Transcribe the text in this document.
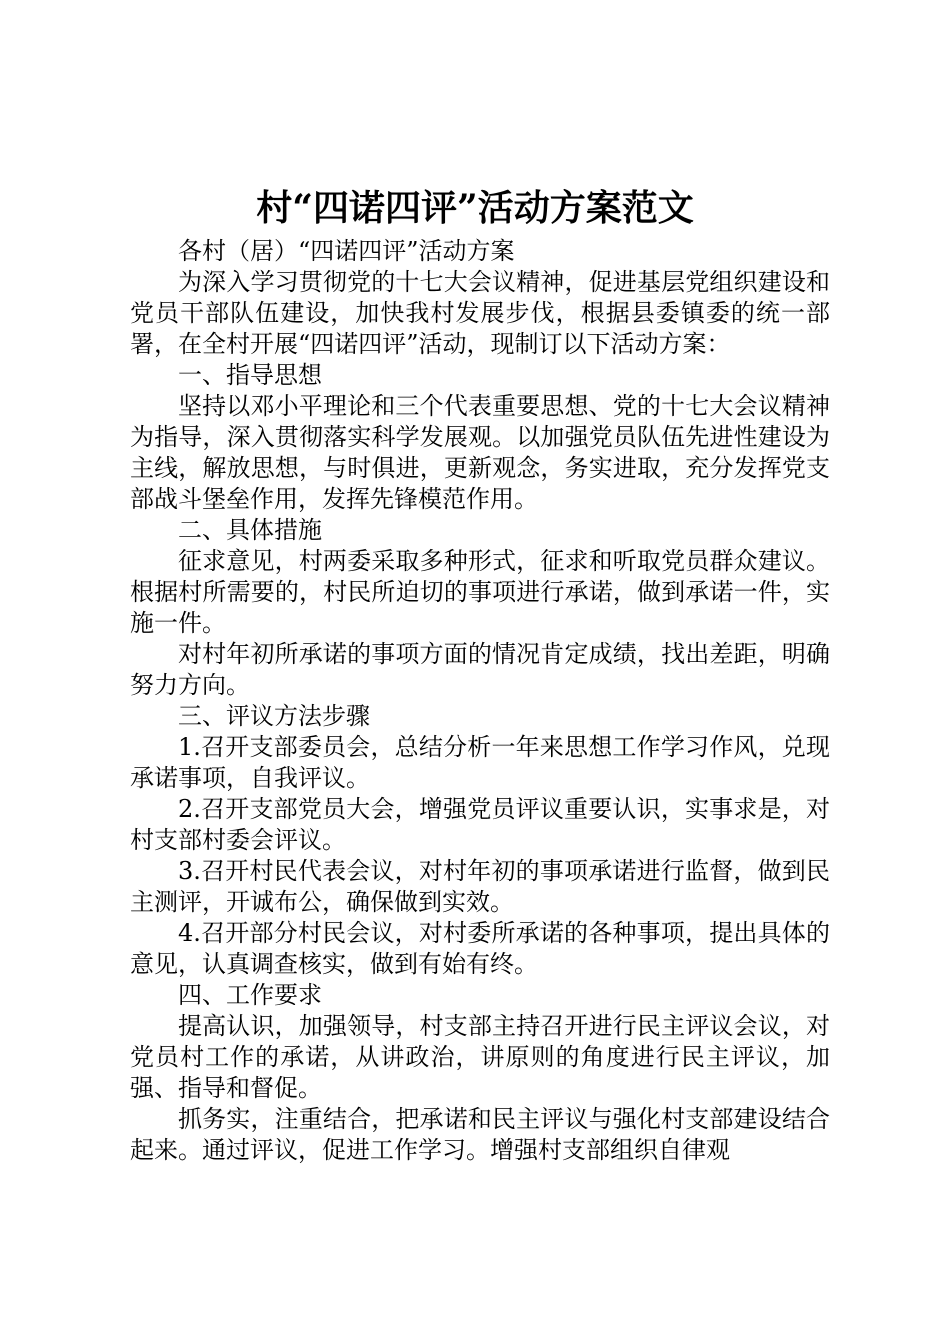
村“四诺四评”活动方案范文

各村（居）“四诺四评”活动方案

为深入学习贯彻党的十七大会议精神，促进基层党组织建设和党员干部队伍建设，加快我村发展步伐，根据县委镇委的统一部署，在全村开展“四诺四评”活动，现制订以下活动方案：

一、指导思想

坚持以邓小平理论和三个代表重要思想、党的十七大会议精神为指导，深入贯彻落实科学发展观。以加强党员队伍先进性建设为主线，解放思想，与时俱进，更新观念，务实进取，充分发挥党支部战斗堡垒作用，发挥先锋模范作用。

二、具体措施

征求意见，村两委采取多种形式，征求和听取党员群众建议。根据村所需要的，村民所迫切的事项进行承诺，做到承诺一件，实施一件。

对村年初所承诺的事项方面的情况肯定成绩，找出差距，明确努力方向。

三、评议方法步骤

1.召开支部委员会，总结分析一年来思想工作学习作风，兑现承诺事项，自我评议。

2.召开支部党员大会，增强党员评议重要认识，实事求是，对村支部村委会评议。

3.召开村民代表会议，对村年初的事项承诺进行监督，做到民主测评，开诚布公，确保做到实效。

4.召开部分村民会议，对村委所承诺的各种事项，提出具体的意见，认真调查核实，做到有始有终。

四、工作要求

提高认识，加强领导，村支部主持召开进行民主评议会议，对党员村工作的承诺，从讲政治，讲原则的角度进行民主评议，加强、指导和督促。

抓务实，注重结合，把承诺和民主评议与强化村支部建设结合起来。通过评议，促进工作学习。增强村支部组织自律观
